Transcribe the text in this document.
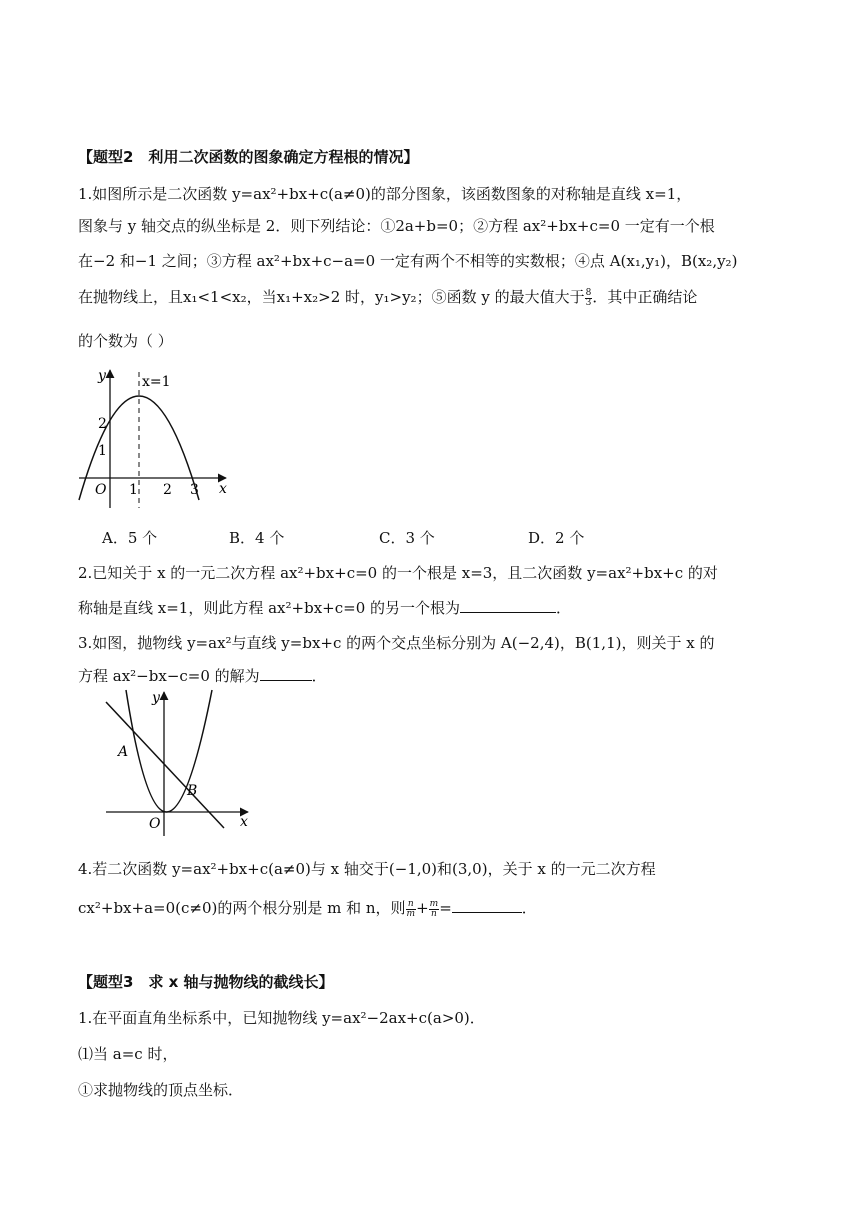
【题型2　利用二次函数的图象确定方程根的情况】
1.如图所示是二次函数 y=ax²+bx+c(a≠0)的部分图象，该函数图象的对称轴是直线 x=1，
图象与 y 轴交点的纵坐标是 2．则下列结论：①2a+b=0；②方程 ax²+bx+c=0 一定有一个根
在−2 和−1 之间；③方程 ax²+bx+c−a=0 一定有两个不相等的实数根；④点 A(x₁,y₁)，B(x₂,y₂)
在抛物线上，且x₁<1<x₂，当x₁+x₂>2 时，y₁>y₂；⑤函数 y 的最大值大于 $\frac{8}{3}$ ．其中正确结论
的个数为（ ）
y	x=1
2
1
O 1 2 3 x
A．5 个	B．4 个	C．3 个	D．2 个
2.已知关于 x 的一元二次方程 ax²+bx+c=0 的一个根是 x=3，且二次函数 y=ax²+bx+c 的对
称轴是直线 x=1，则此方程 ax²+bx+c=0 的另一个根为	．
3.如图，抛物线 y=ax²与直线 y=bx+c 的两个交点坐标分别为 A(−2,4)，B(1,1)，则关于 x 的
方程 ax²−bx−c=0 的解为	．
y
A
B
O	x
4.若二次函数 y=ax²+bx+c(a≠0)与 x 轴交于(−1,0)和(3,0)，关于 x 的一元二次方程
cx²+bx+a=0(c≠0)的两个根分别是 m 和 n，则 $\frac{n}{m} + \frac{m}{n}$ =	．
【题型3　求 x 轴与抛物线的截线长】
1.在平面直角坐标系中，已知抛物线 y=ax²−2ax+c(a>0)．
⑴当 a=c 时，
①求抛物线的顶点坐标．
